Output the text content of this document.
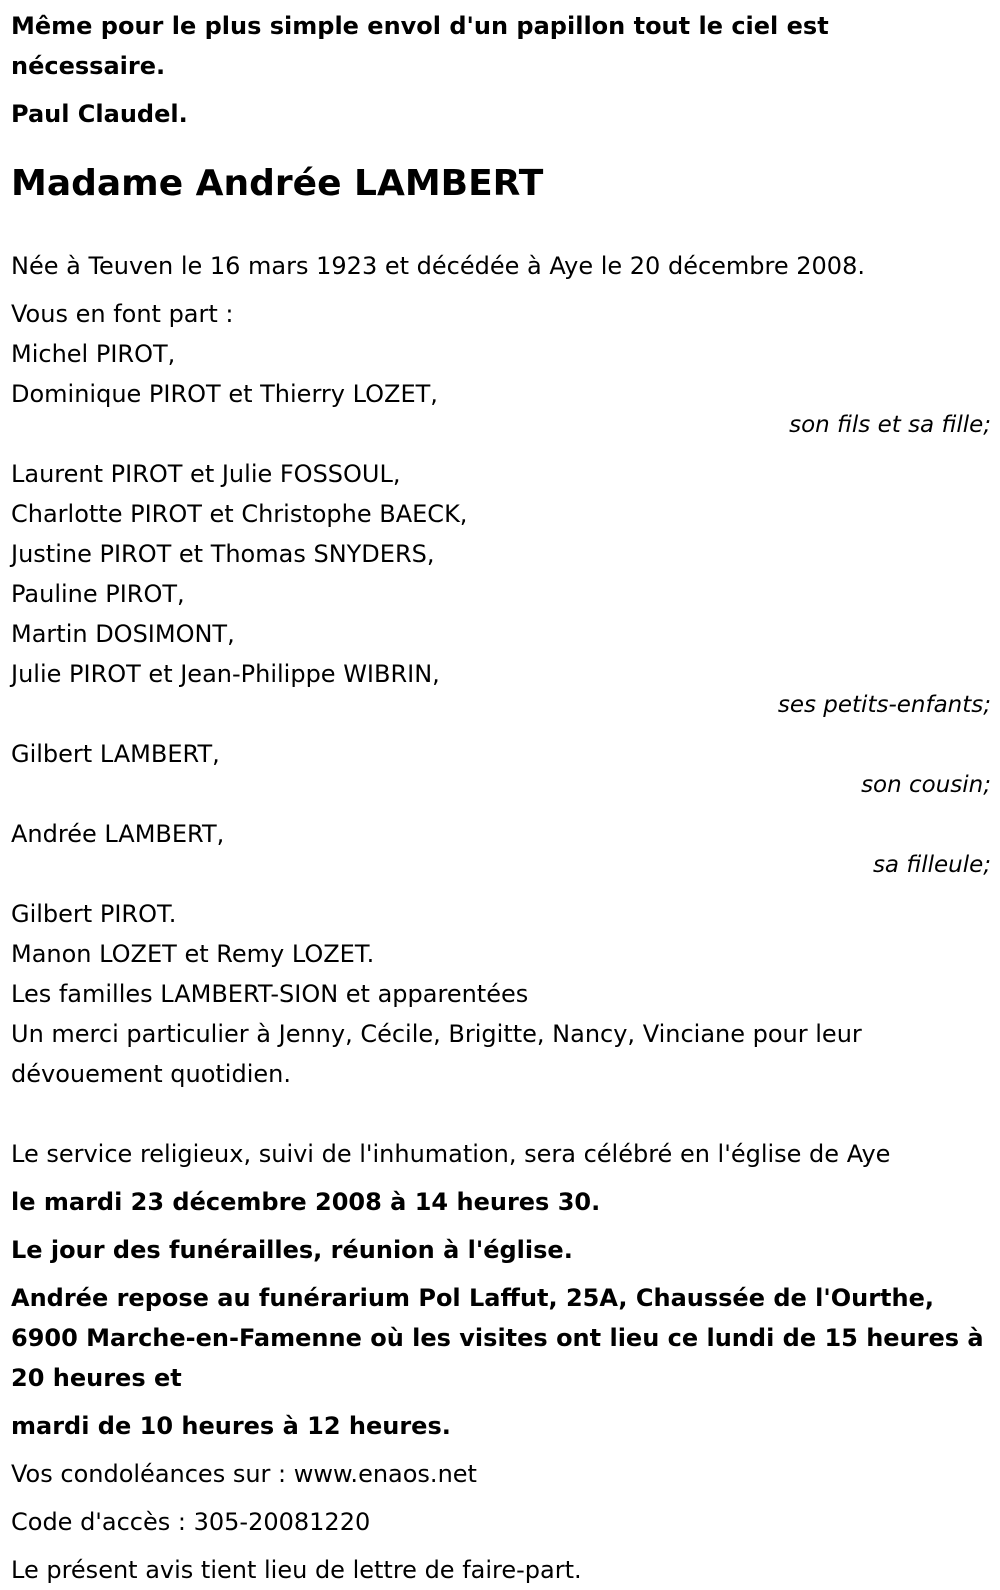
Même pour le plus simple envol d'un papillon tout le ciel est nécessaire.

Paul Claudel.

Madame Andrée LAMBERT

Née à Teuven le 16 mars 1923 et décédée à Aye le 20 décembre 2008.

Vous en font part :

Michel PIROT,

Dominique PIROT et Thierry LOZET,

son fils et sa fille;

Laurent PIROT et Julie FOSSOUL,

Charlotte PIROT et Christophe BAECK,

Justine PIROT et Thomas SNYDERS,

Pauline PIROT,

Martin DOSIMONT,

Julie PIROT et Jean-Philippe WIBRIN,

ses petits-enfants;

Gilbert LAMBERT,

son cousin;

Andrée LAMBERT,

sa filleule;

Gilbert PIROT.

Manon LOZET et Remy LOZET.

Les familles LAMBERT-SION et apparentées

Un merci particulier à Jenny, Cécile, Brigitte, Nancy, Vinciane pour leur dévouement quotidien.

Le service religieux, suivi de l'inhumation, sera célébré en l'église de Aye

le mardi 23 décembre 2008 à 14 heures 30.

Le jour des funérailles, réunion à l'église.

Andrée repose au funérarium Pol Laffut, 25A, Chaussée de l'Ourthe, 6900 Marche-en-Famenne où les visites ont lieu ce lundi de 15 heures à 20 heures et

mardi de 10 heures à 12 heures.

Vos condoléances sur : www.enaos.net

Code d'accès : 305-20081220

Le présent avis tient lieu de lettre de faire-part.
